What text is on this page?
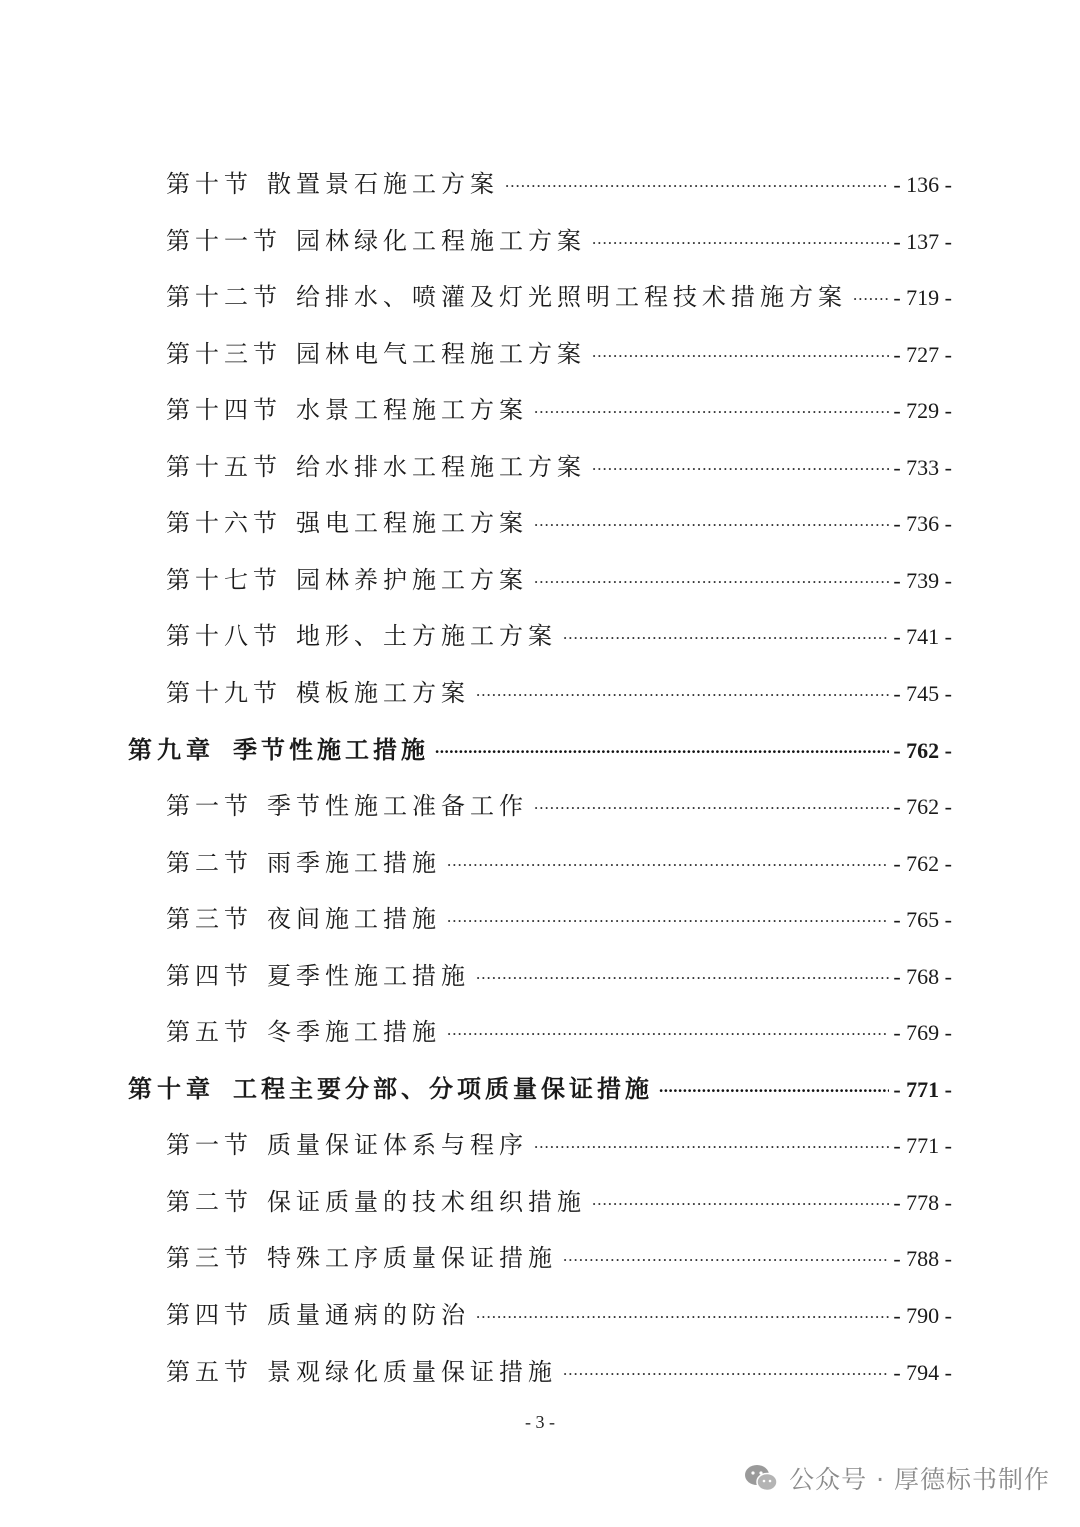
第十节 散置景石施工方案 .....	- 136 -
第十一节 园林绿化工程施工方案 .....	- 137 -
第十二节 给排水、喷灌及灯光照明工程技术措施方案 ..... - 719 -
第十三节 园林电气工程施工方案 .....	- 727 -
第十四节 水景工程施工方案 .....	- 729 -
第十五节 给水排水工程施工方案 .....	- 733 -
第十六节 强电工程施工方案 .....	- 736 -
第十七节 园林养护施工方案 .....	- 739 -
第十八节 地形、土方施工方案 .....	- 741 -
第十九节 模板施工方案 .....	- 745 -
第九章 季节性施工措施 .....	- 762 -
第一节 季节性施工准备工作 .....	- 762 -
第二节 雨季施工措施 .....	- 762 -
第三节 夜间施工措施 .....	- 765 -
第四节 夏季性施工措施 .....	- 768 -
第五节 冬季施工措施 .....	- 769 -
第十章 工程主要分部、分项质量保证措施 .....	- 771 -
第一节 质量保证体系与程序 .....	- 771 -
第二节 保证质量的技术组织措施 .....	- 778 -
第三节 特殊工序质量保证措施 .....	- 788 -
第四节 质量通病的防治 .....	- 790 -
第五节 景观绿化质量保证措施 .....	- 794 -
- 3 -
公众号 · 厚德标书制作
